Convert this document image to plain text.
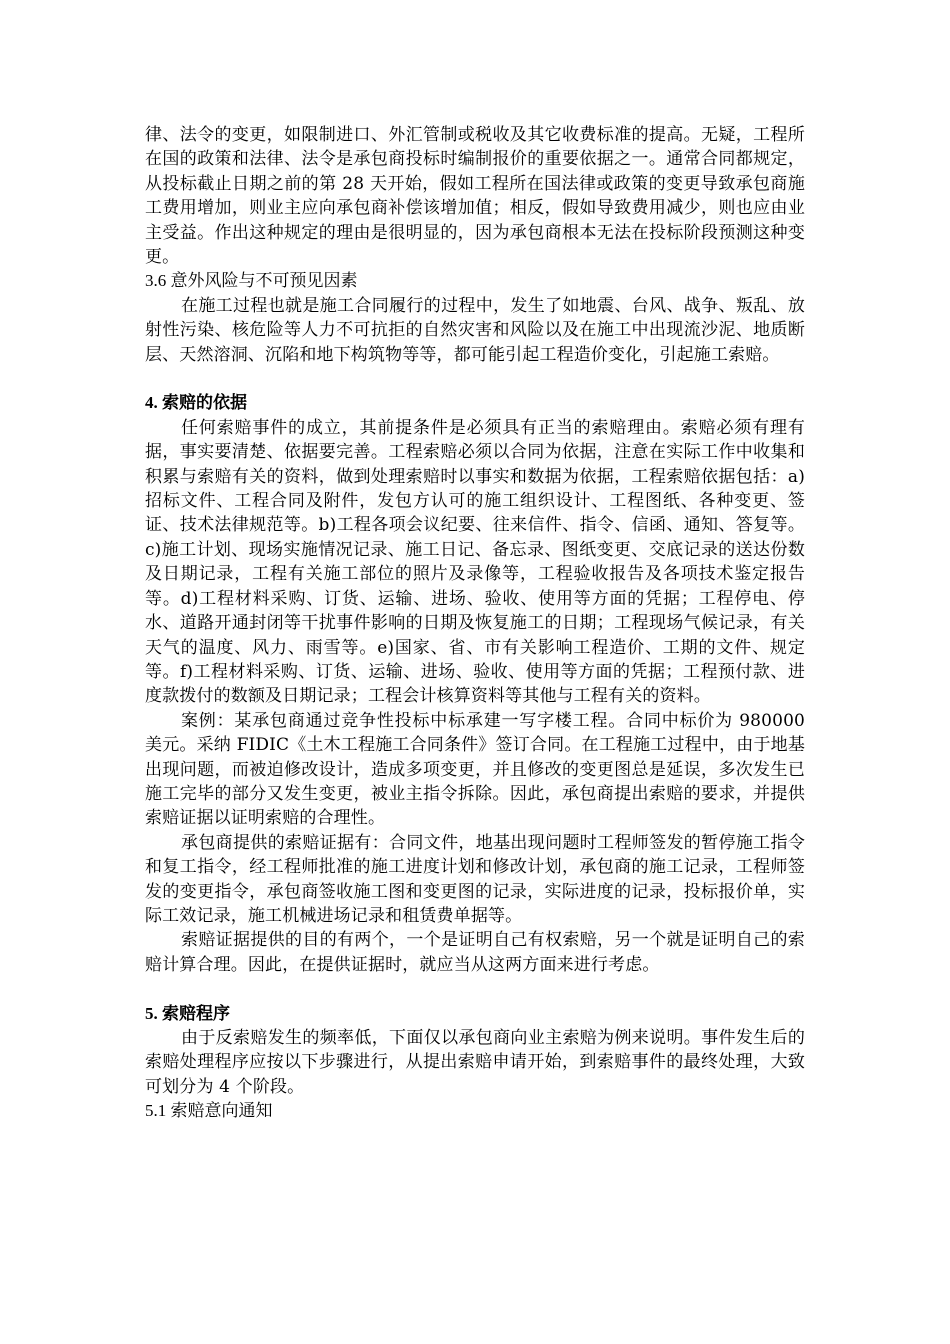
律、法令的变更，如限制进口、外汇管制或税收及其它收费标准的提高。无疑，工程所在国的政策和法律、法令是承包商投标时编制报价的重要依据之一。通常合同都规定，从投标截止日期之前的第 28 天开始，假如工程所在国法律或政策的变更导致承包商施工费用增加，则业主应向承包商补偿该增加值；相反，假如导致费用减少，则也应由业主受益。作出这种规定的理由是很明显的，因为承包商根本无法在投标阶段预测这种变更。

3.6 意外风险与不可预见因素

在施工过程也就是施工合同履行的过程中，发生了如地震、台风、战争、叛乱、放射性污染、核危险等人力不可抗拒的自然灾害和风险以及在施工中出现流沙泥、地质断层、天然溶洞、沉陷和地下构筑物等等，都可能引起工程造价变化，引起施工索赔。

4. 索赔的依据

任何索赔事件的成立，其前提条件是必须具有正当的索赔理由。索赔必须有理有据，事实要清楚、依据要完善。工程索赔必须以合同为依据，注意在实际工作中收集和积累与索赔有关的资料，做到处理索赔时以事实和数据为依据，工程索赔依据包括：a)招标文件、工程合同及附件，发包方认可的施工组织设计、工程图纸、各种变更、签证、技术法律规范等。b)工程各项会议纪要、往来信件、指令、信函、通知、答复等。c)施工计划、现场实施情况记录、施工日记、备忘录、图纸变更、交底记录的送达份数及日期记录，工程有关施工部位的照片及录像等，工程验收报告及各项技术鉴定报告等。d)工程材料采购、订货、运输、进场、验收、使用等方面的凭据；工程停电、停水、道路开通封闭等干扰事件影响的日期及恢复施工的日期；工程现场气候记录，有关天气的温度、风力、雨雪等。e)国家、省、市有关影响工程造价、工期的文件、规定等。f)工程材料采购、订货、运输、进场、验收、使用等方面的凭据；工程预付款、进度款拨付的数额及日期记录；工程会计核算资料等其他与工程有关的资料。

案例：某承包商通过竞争性投标中标承建一写字楼工程。合同中标价为 980000 美元。采纳 FIDIC《土木工程施工合同条件》签订合同。在工程施工过程中，由于地基出现问题，而被迫修改设计，造成多项变更，并且修改的变更图总是延误，多次发生已施工完毕的部分又发生变更，被业主指令拆除。因此，承包商提出索赔的要求，并提供索赔证据以证明索赔的合理性。

承包商提供的索赔证据有：合同文件，地基出现问题时工程师签发的暂停施工指令和复工指令，经工程师批准的施工进度计划和修改计划，承包商的施工记录，工程师签发的变更指令，承包商签收施工图和变更图的记录，实际进度的记录，投标报价单，实际工效记录，施工机械进场记录和租赁费单据等。

索赔证据提供的目的有两个，一个是证明自己有权索赔，另一个就是证明自己的索赔计算合理。因此，在提供证据时，就应当从这两方面来进行考虑。

5. 索赔程序

由于反索赔发生的频率低，下面仅以承包商向业主索赔为例来说明。事件发生后的索赔处理程序应按以下步骤进行，从提出索赔申请开始，到索赔事件的最终处理，大致可划分为 4 个阶段。

5.1 索赔意向通知
